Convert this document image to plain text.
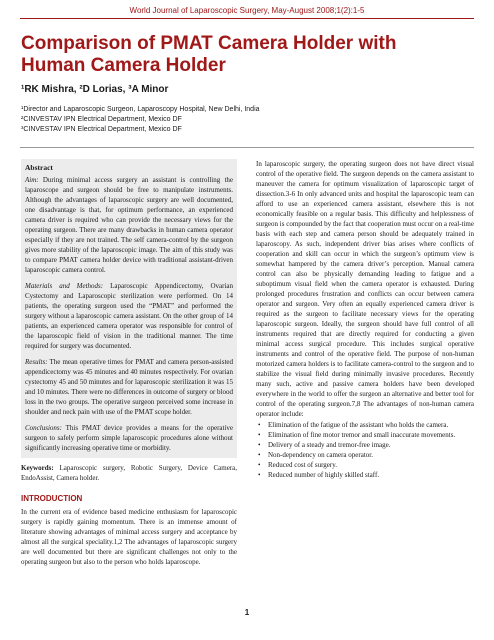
World Journal of Laparoscopic Surgery, May-August 2008;1(2):1-5
Comparison of PMAT Camera Holder with
Human Camera Holder
¹RK Mishra, ²D Lorias, ³A Minor
¹Director and Laparoscopic Surgeon, Laparoscopy Hospital, New Delhi, India
²CINVESTAV IPN Electrical Department, Mexico DF
³CINVESTAV IPN Electrical Department, Mexico DF

Abstract

Aim: During minimal access surgery an assistant is controlling the laparoscope and surgeon should be free to manipulate instruments. Although the advantages of laparoscopic surgery are well documented, one disadvantage is that, for optimum performance, an experienced camera driver is required who can provide the necessary views for the operating surgeon. There are many drawbacks in human camera operator especially if they are not trained. The self camera-control by the surgeon gives more stability of the laparoscopic image. The aim of this study was to compare PMAT camera holder device with traditional assistant-driven laparoscopic camera control.

Materials and Methods: Laparoscopic Appendicectomy, Ovarian Cystectomy and Laparoscopic sterilization were performed. On 14 patients, the operating surgeon used the “PMAT” and performed the surgery without a laparoscopic camera assistant. On the other group of 14 patients, an experienced camera operator was responsible for control of the laparoscopic field of vision in the traditional manner. The time required for surgery was documented.

Results: The mean operative times for PMAT and camera person-assisted appendicectomy was 45 minutes and 40 minutes respectively. For ovarian cystectomy 45 and 50 minutes and for laparoscopic sterilization it was 15 and 10 minutes. There were no differences in outcome of surgery or blood loss in the two groups. The operative surgeon perceived some increase in shoulder and neck pain with use of the PMAT scope holder.

Conclusions: This PMAT device provides a means for the operative surgeon to safely perform simple laparoscopic procedures alone without significantly increasing operative time or morbidity.

Keywords: Laparoscopic surgery, Robotic Surgery, Device Camera, EndoAssist, Camera holder.

INTRODUCTION

In the current era of evidence based medicine enthusiasm for laparoscopic surgery is rapidly gaining momentum. There is an immense amount of literature showing advantages of minimal access surgery and acceptance by almost all the surgical speciality.1,2 The advantages of laparoscopic surgery are well documented but there are significant challenges not only to the operating surgeon but also to the person who holds laparoscope.

In laparoscopic surgery, the operating surgeon does not have direct visual control of the operative field. The surgeon depends on the camera assistant to maneuver the camera for optimum visualization of laparoscopic target of dissection.3-6 In only advanced units and hospital the laparoscopic team can afford to use an experienced camera assistant, elsewhere this is not economically feasible on a regular basis. This difficulty and helplessness of surgeon is compounded by the fact that cooperation must occur on a real-time basis with each step and camera person should be adequately trained in laparoscopy. As such, independent driver bias arises where conflicts of cooperation and skill can occur in which the surgeon’s optimum view is somewhat hampered by the camera driver’s perception. Manual camera control can also be physically demanding leading to fatigue and a suboptimum visual field when the camera operator is exhausted. During prolonged procedures frustration and conflicts can occur between camera operator and surgeon. Very often an equally experienced camera driver is required as the surgeon to facilitate necessary views for the operating laparoscopic surgeon. Ideally, the surgeon should have full control of all instruments required that are directly required for conducting a given minimal access surgical procedure. This includes surgical operative instruments and control of the operative field. The purpose of non-human motorized camera holders is to facilitate camera-control to the surgeon and to stabilize the visual field during minimally invasive procedures. Recently many such, active and passive camera holders have been developed everywhere in the world to offer the surgeon an alternative and better tool for control of the operating surgeon.7,8 The advantages of non-human camera operator include:

• Elimination of the fatigue of the assistant who holds the camera.
• Elimination of fine motor tremor and small inaccurate movements.
• Delivery of a steady and tremor-free image.
• Non-dependency on camera operator.
• Reduced cost of surgery.
• Reduced number of highly skilled staff.
1
